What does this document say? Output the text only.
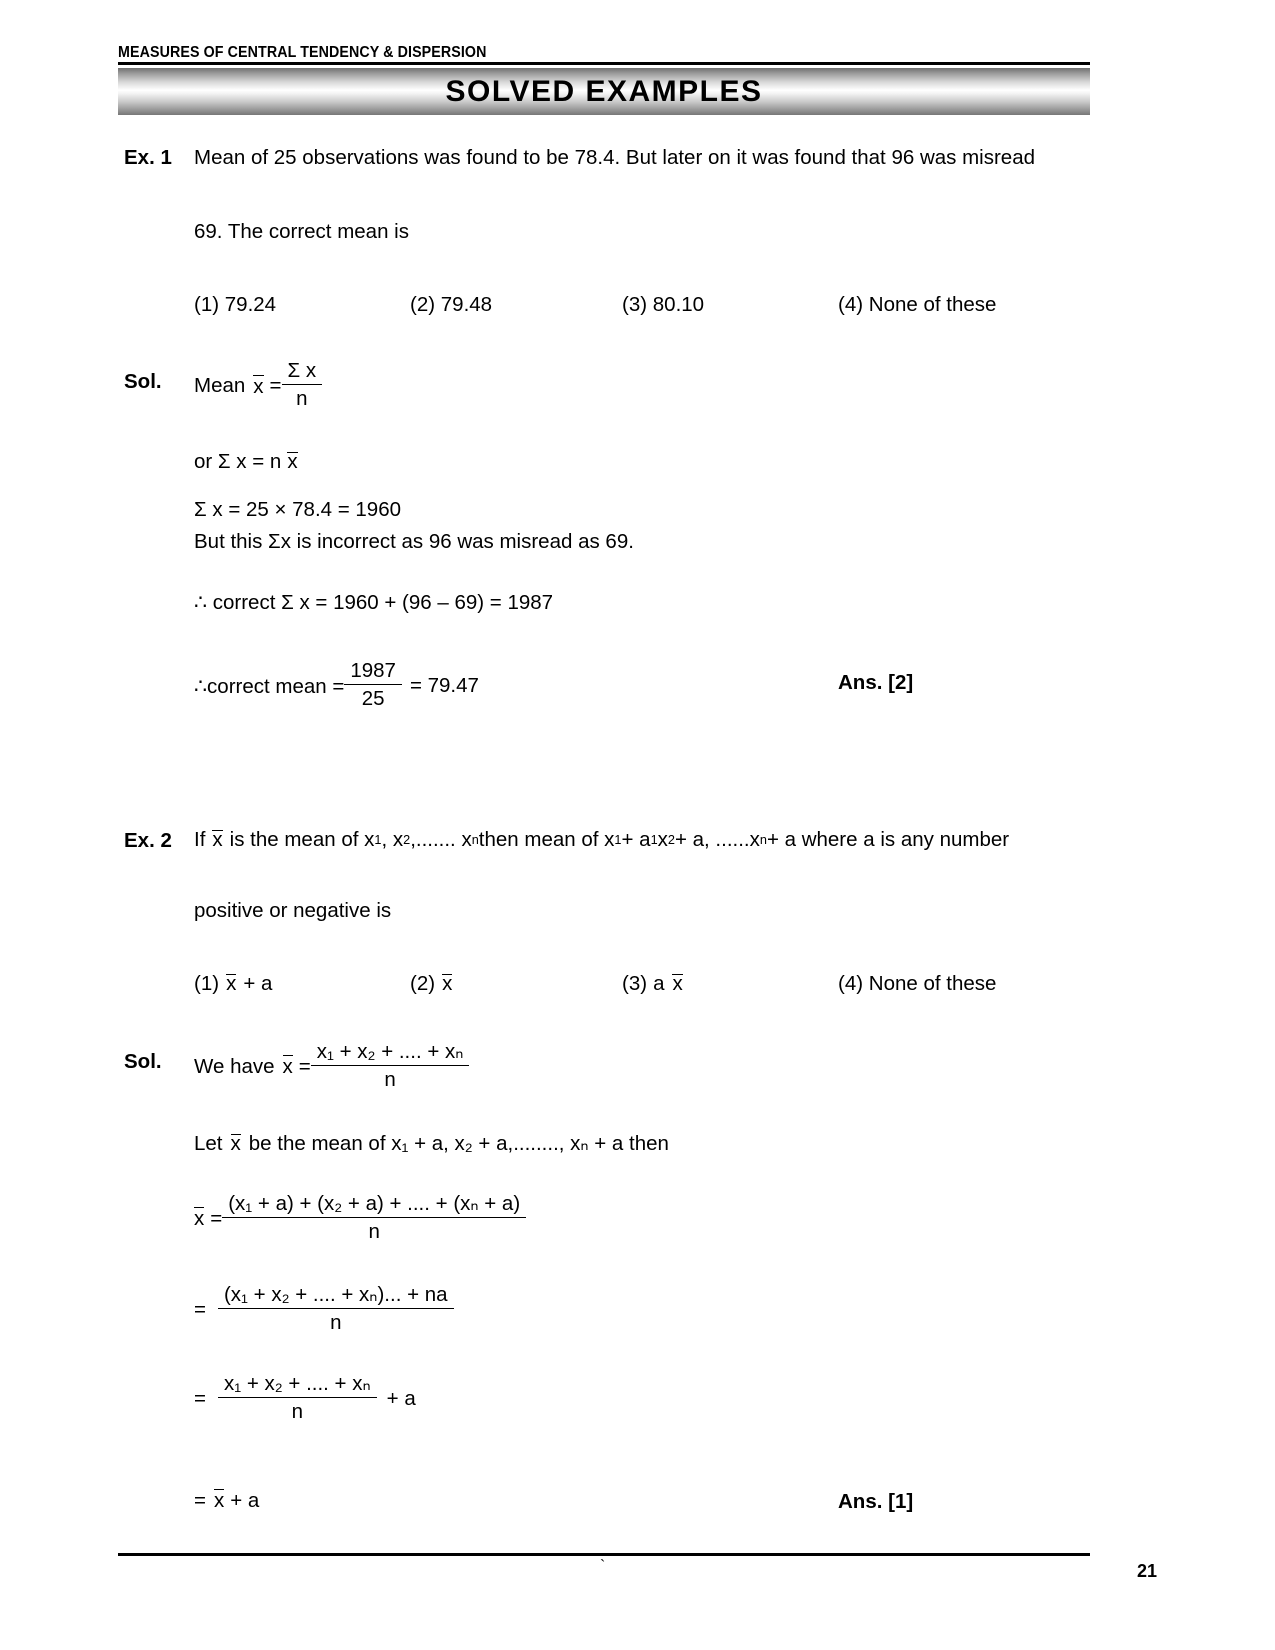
MEASURES OF CENTRAL TENDENCY & DISPERSION
SOLVED EXAMPLES
Ex. 1 Mean of 25 observations was found to be 78.4. But later on it was found that 96 was misread
69. The correct mean is
(1) 79.24	(2) 79.48	(3) 80.10	(4) None of these
Sol. Mean $x = \frac{\text{Σ x}}{n}$
or Σ x = n x
Σ x = 25 × 78.4 = 1960
But this Σx is incorrect as 96 was misread as 69.
∴ correct Σ x = 1960 + (96 – 69) = 1987
∴correct mean = $\frac{1987}{25} = 79.47$	Ans. [2]
Ex. 2 If x is the mean of x 1 , x 2 ,....... x n then mean of x 1 + a 1 x 2 + a, ......x n + a where a is any number
positive or negative is
(1) x + a	(2) x	(3) a x	(4) None of these
Sol. We have $x = \frac{\text{x₁ + x₂ + .... + xₙ}}{n}$
Let x be the mean of x₁ + a, x₂ + a,........, xₙ + a then
$x = \frac{\text{(x₁ + a) + (x₂ + a) + .... + (xₙ + a)}}{n}$
= $\frac{\text{(x₁ + x₂ + .... + xₙ)... + na}}{n}$
= $\frac{\text{x₁ + x₂ + .... + xₙ}}{n} + a$
= x + a	Ans. [1]
`	21
